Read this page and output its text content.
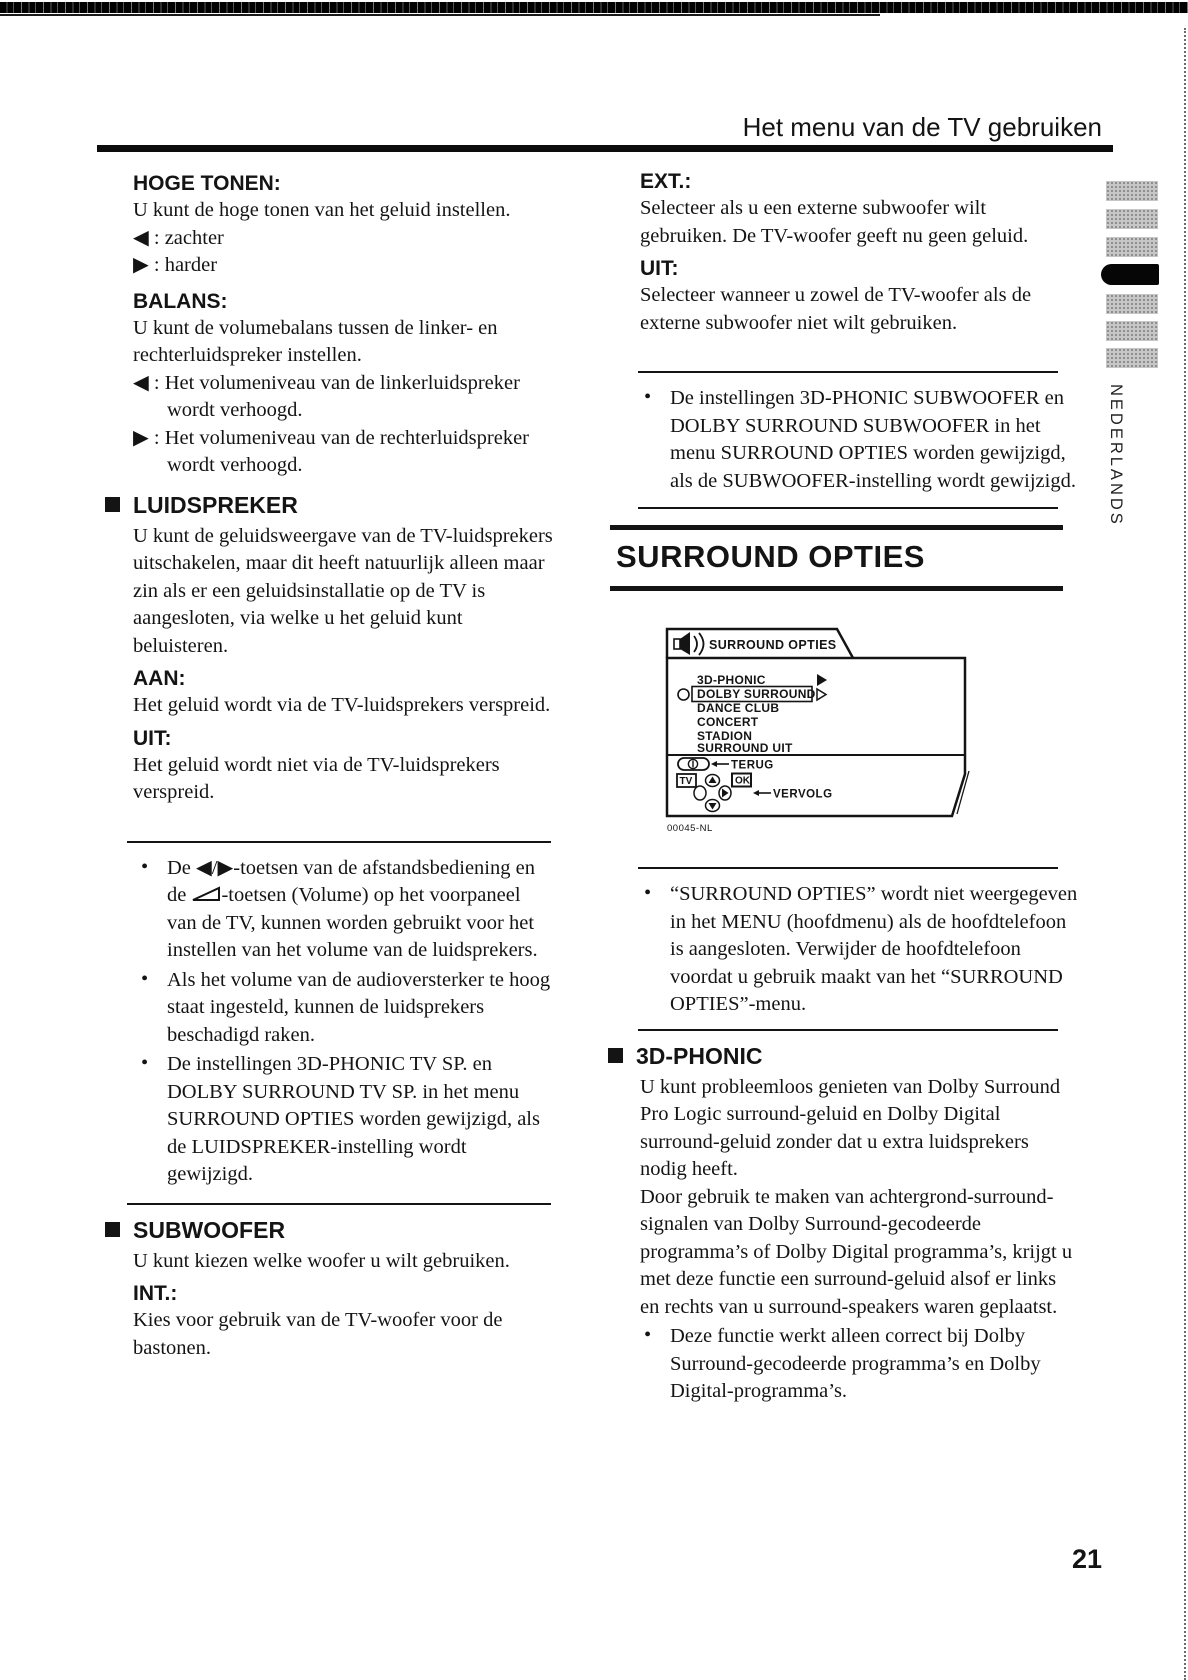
NEDERLANDS
Het menu van de TV gebruiken
HOGE TONEN:

U kunt de hoge tonen van het geluid instellen.

◀ : zachter
▶ : harder
BALANS:

U kunt de volumebalans tussen de linker- en rechterluidspreker instellen.

◀ : Het volumeniveau van de linkerluidspreker wordt verhoogd.
▶ : Het volumeniveau van de rechterluidspreker wordt verhoogd.
LUIDSPREKER

U kunt de geluidsweergave van de TV-luidsprekers uitschakelen, maar dit heeft natuurlijk alleen maar zin als er een geluidsinstallatie op de TV is aangesloten, via welke u het geluid kunt beluisteren.

AAN:

Het geluid wordt via de TV-luidsprekers verspreid.

UIT:

Het geluid wordt niet via de TV-luidsprekers verspreid.

• De ◀/▶-toetsen van de afstandsbediening en de -toetsen (Volume) op het voorpaneel van de TV, kunnen worden gebruikt voor het instellen van het volume van de luidsprekers.
• Als het volume van de audioversterker te hoog staat ingesteld, kunnen de luidsprekers beschadigd raken.
• De instellingen 3D-PHONIC TV SP. en DOLBY SURROUND TV SP. in het menu SURROUND OPTIES worden gewijzigd, als de LUIDSPREKER-instelling wordt gewijzigd.
SUBWOOFER

U kunt kiezen welke woofer u wilt gebruiken.

INT.:

Kies voor gebruik van de TV-woofer voor de bastonen.

EXT.:

Selecteer als u een externe subwoofer wilt gebruiken. De TV-woofer geeft nu geen geluid.

UIT:

Selecteer wanneer u zowel de TV-woofer als de externe subwoofer niet wilt gebruiken.

• De instellingen 3D-PHONIC SUBWOOFER en DOLBY SURROUND SUBWOOFER in het menu SURROUND OPTIES worden gewijzigd, als de SUBWOOFER-instelling wordt gewijzigd.
SURROUND OPTIES
SURROUND OPTIES
3D-PHONIC
DOLBY SURROUND
DANCE CLUB
CONCERT
STADION
SURROUND UIT
TERUG
TV	OK
VERVOLG
00045-NL
• “SURROUND OPTIES” wordt niet weergegeven in het MENU (hoofdmenu) als de hoofdtelefoon is aangesloten. Verwijder de hoofdtelefoon voordat u gebruik maakt van het “SURROUND OPTIES”-menu.
3D-PHONIC

U kunt probleemloos genieten van Dolby Surround Pro Logic surround-geluid en Dolby Digital surround-geluid zonder dat u extra luidsprekers nodig heeft.

Door gebruik te maken van achtergrond-surround-signalen van Dolby Surround-gecodeerde programma’s of Dolby Digital programma’s, krijgt u met deze functie een surround-geluid alsof er links en rechts van u surround-speakers waren geplaatst.

• Deze functie werkt alleen correct bij Dolby Surround-gecodeerde programma’s en Dolby Digital-programma’s.
21
